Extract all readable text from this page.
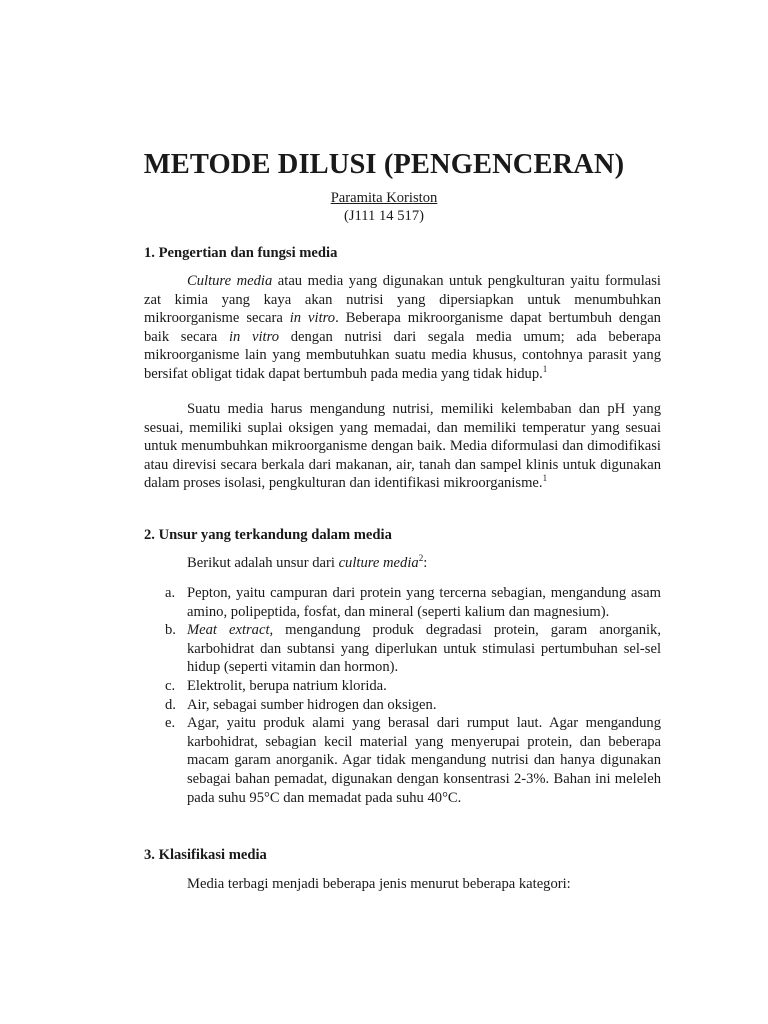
METODE DILUSI (PENGENCERAN)
Paramita Koriston
(J111 14 517)
1. Pengertian dan fungsi media

Culture media atau media yang digunakan untuk pengkulturan yaitu formulasi zat kimia yang kaya akan nutrisi yang dipersiapkan untuk menumbuhkan mikroorganisme secara in vitro. Beberapa mikroorganisme dapat bertumbuh dengan baik secara in vitro dengan nutrisi dari segala media umum; ada beberapa mikroorganisme lain yang membutuhkan suatu media khusus, contohnya parasit yang bersifat obligat tidak dapat bertumbuh pada media yang tidak hidup.$^1$

Suatu media harus mengandung nutrisi, memiliki kelembaban dan pH yang sesuai, memiliki suplai oksigen yang memadai, dan memiliki temperatur yang sesuai untuk menumbuhkan mikroorganisme dengan baik. Media diformulasi dan dimodifikasi atau direvisi secara berkala dari makanan, air, tanah dan sampel klinis untuk digunakan dalam proses isolasi, pengkulturan dan identifikasi mikroorganisme.$^1$

2. Unsur yang terkandung dalam media
Berikut adalah unsur dari culture media$^2$:
a. Pepton, yaitu campuran dari protein yang tercerna sebagian, mengandung asam amino, polipeptida, fosfat, dan mineral (seperti kalium dan magnesium).
b. Meat extract, mengandung produk degradasi protein, garam anorganik, karbohidrat dan subtansi yang diperlukan untuk stimulasi pertumbuhan sel-sel hidup (seperti vitamin dan hormon).
c. Elektrolit, berupa natrium klorida.
d. Air, sebagai sumber hidrogen dan oksigen.
e. Agar, yaitu produk alami yang berasal dari rumput laut. Agar mengandung karbohidrat, sebagian kecil material yang menyerupai protein, dan beberapa macam garam anorganik. Agar tidak mengandung nutrisi dan hanya digunakan sebagai bahan pemadat, digunakan dengan konsentrasi 2-3%. Bahan ini meleleh pada suhu 95°C dan memadat pada suhu 40°C.
3. Klasifikasi media
Media terbagi menjadi beberapa jenis menurut beberapa kategori:
